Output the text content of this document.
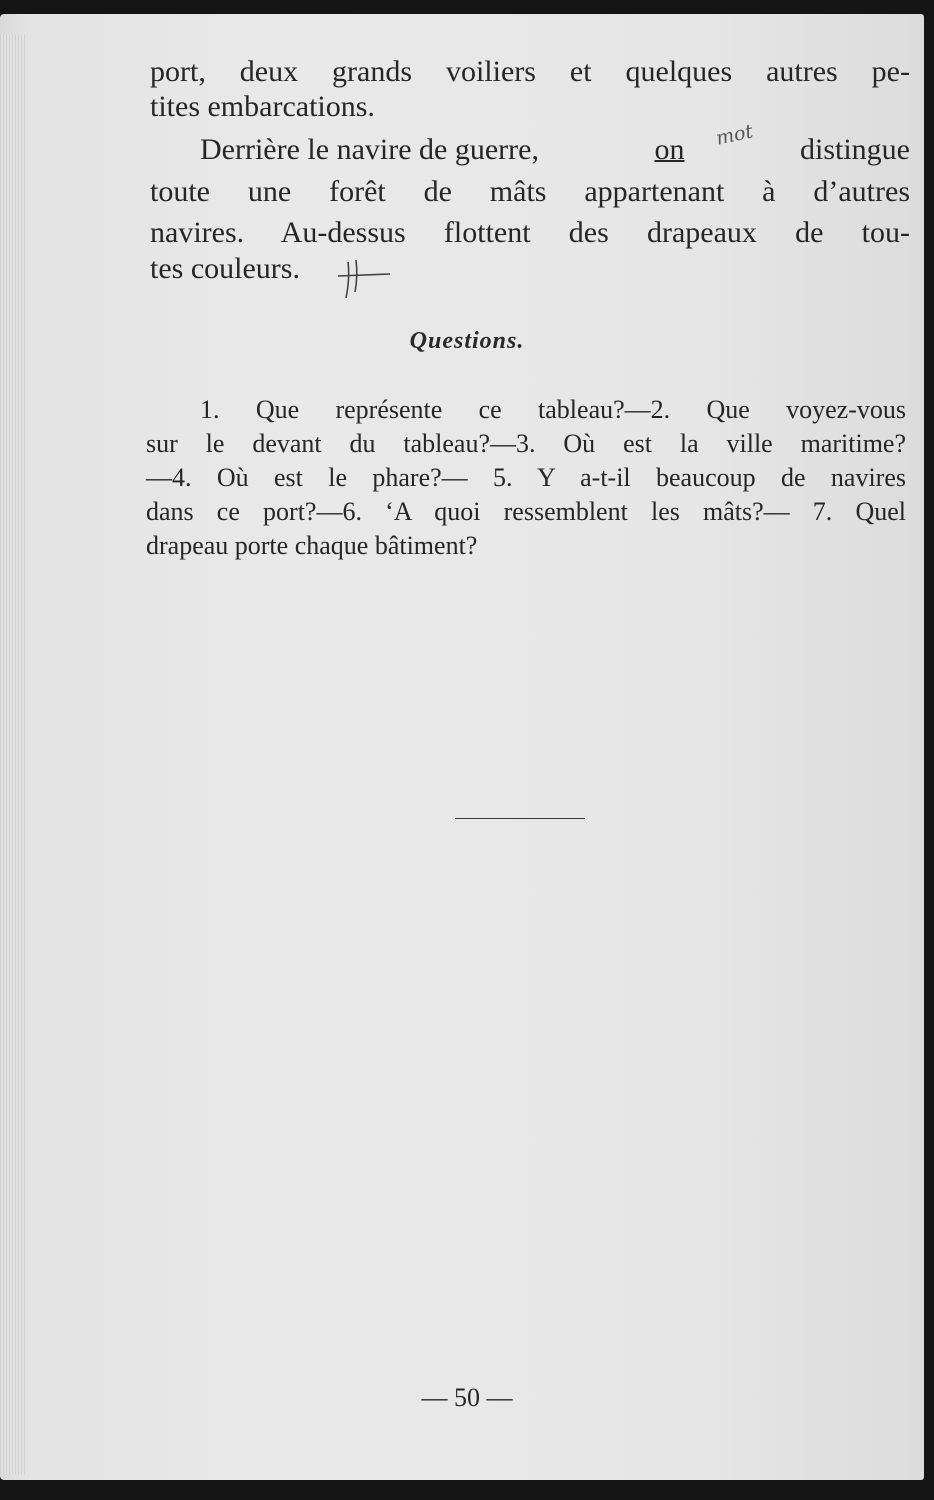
port, deux grands voiliers et quelques autres pe-

tites embarcations.

Derrière le navire de guerre,	on	distingue

toute une forêt de mâts appartenant à d’autres

navires. Au-dessus flottent des drapeaux de tou-

tes couleurs.

mot
Questions.

1. Que représente ce tableau?—2. Que voyez-vous

sur le devant du tableau?—3. Où est la ville maritime?

—4. Où est le phare?— 5. Y a-t-il beaucoup de navires

dans ce port?—6. ‘A quoi ressemblent les mâts?— 7. Quel

drapeau porte chaque bâtiment?

— 50 —
